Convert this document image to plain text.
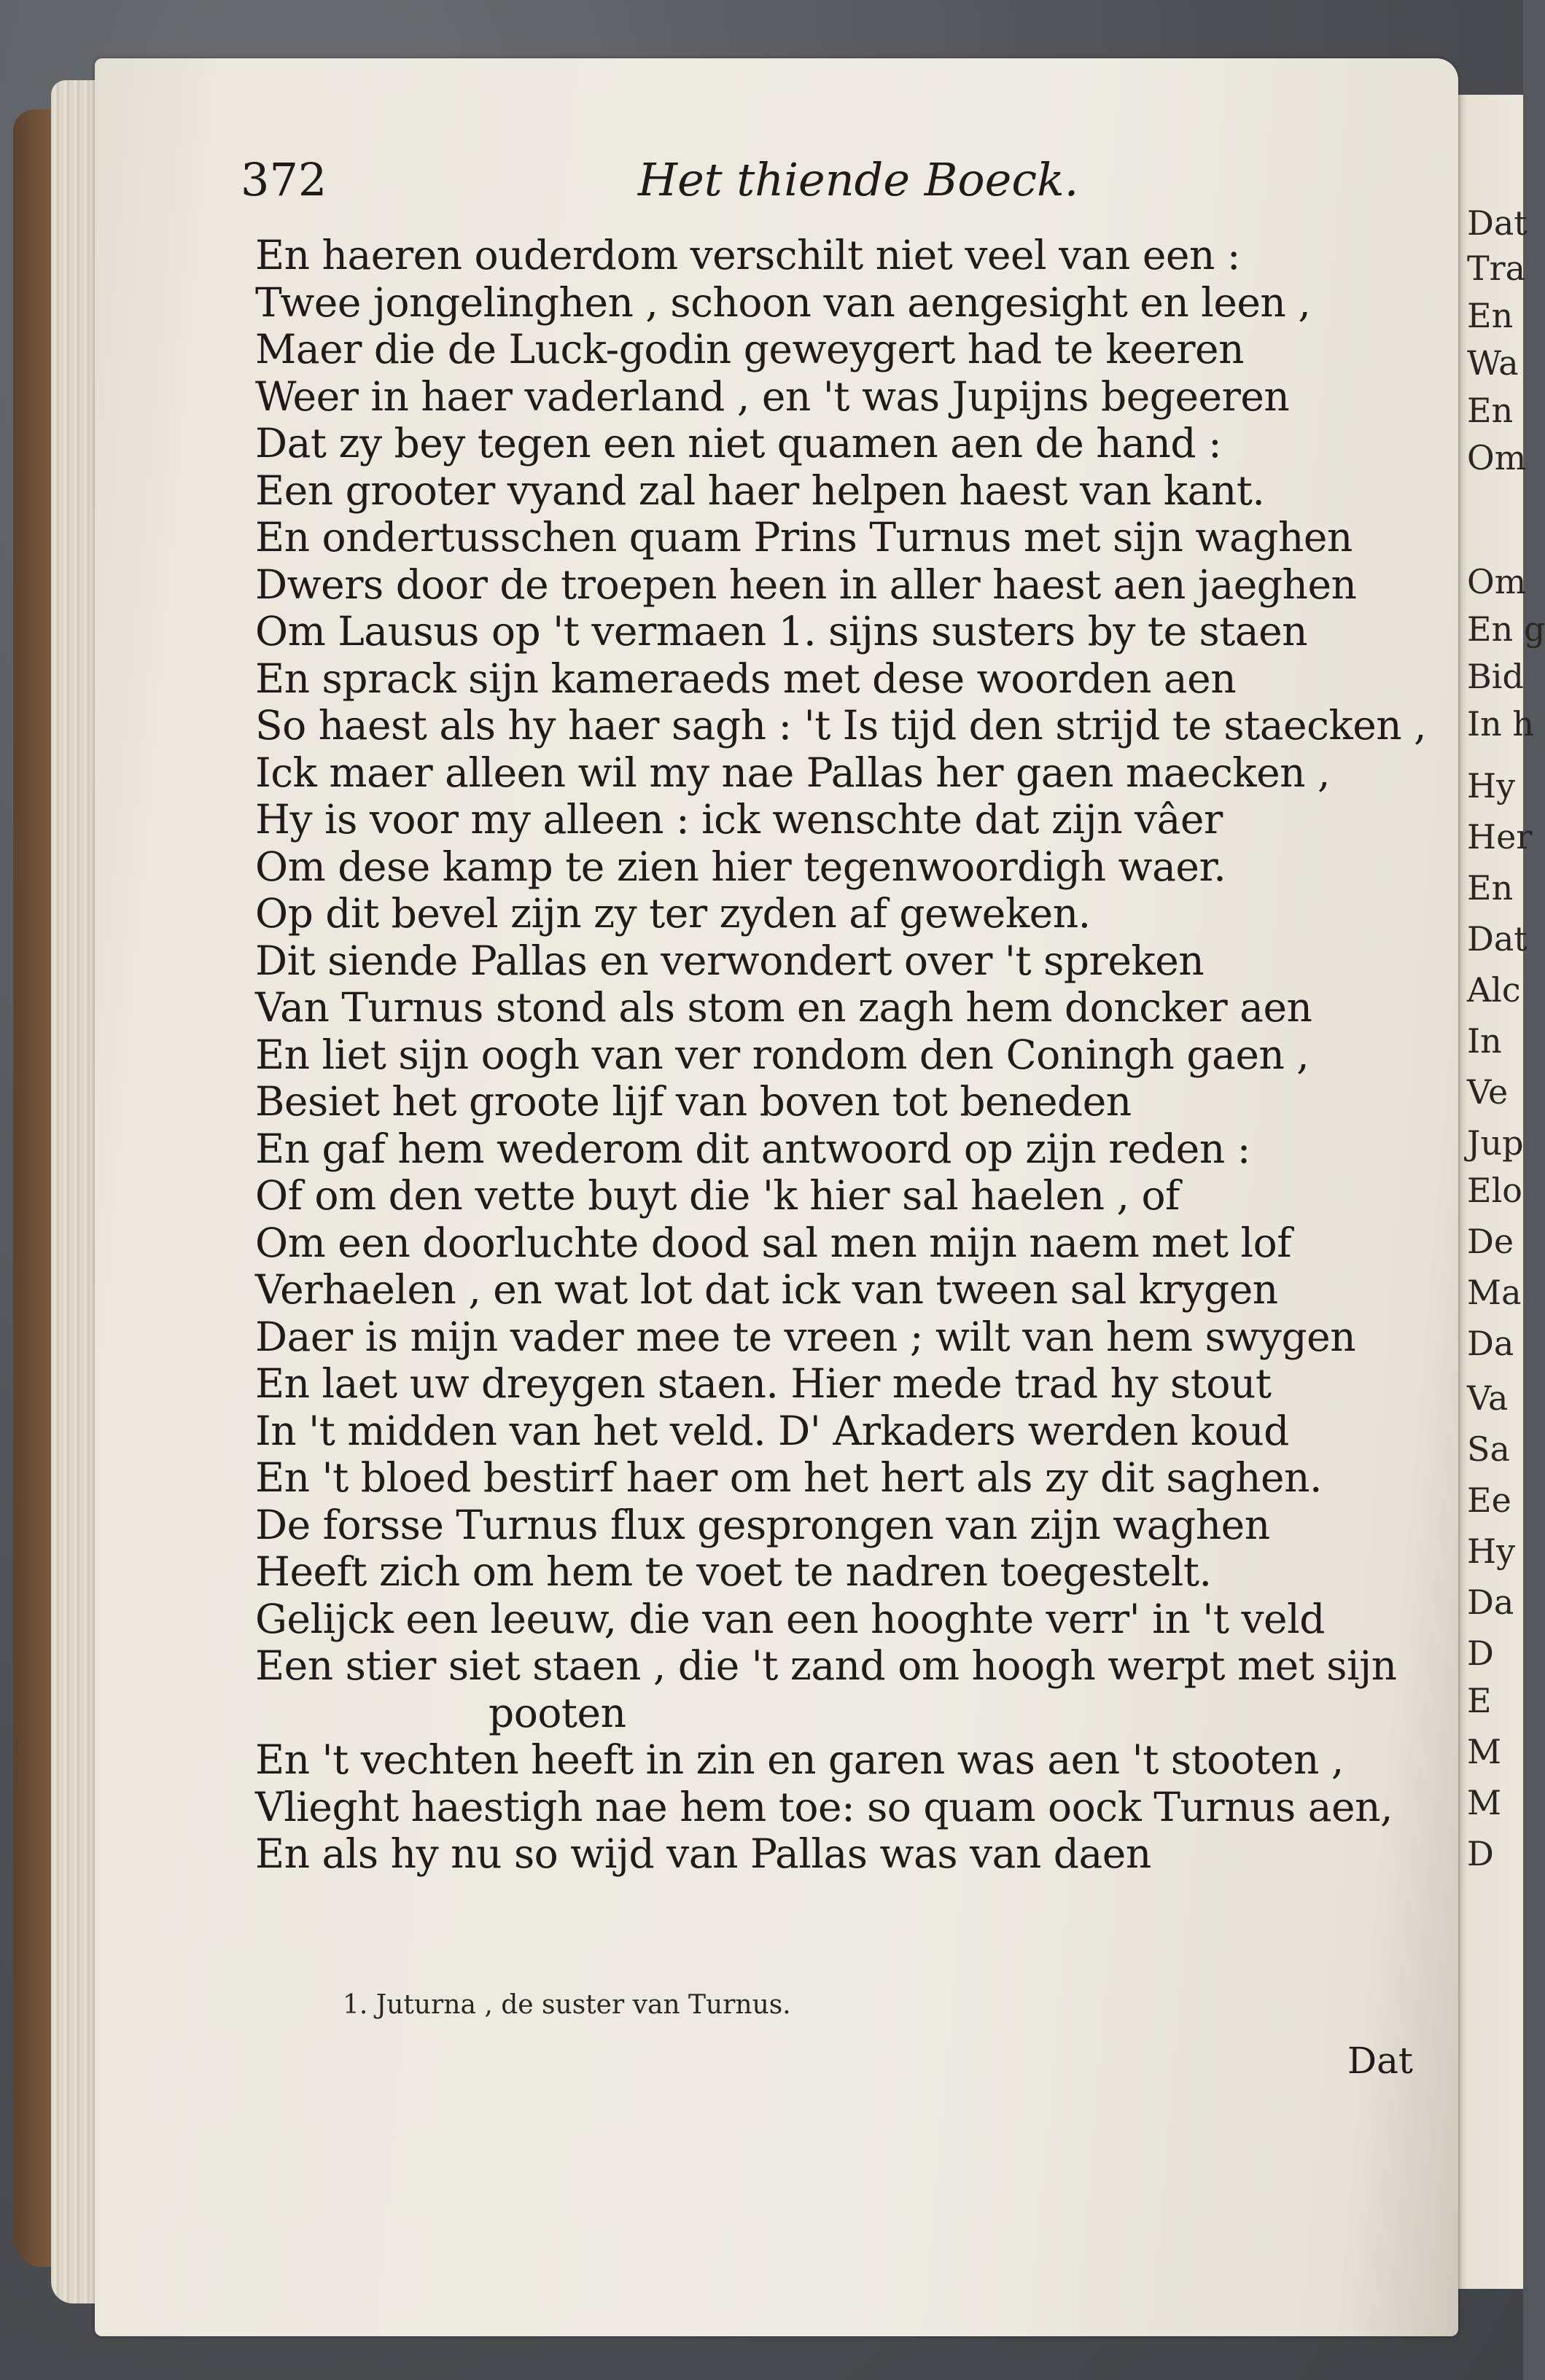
Dat
Tra
En
Wa
En
Om
Om
En g
Bid
In h
Hy
Her
En
Dat
Alc
In
Ve
Jup
Elo
De
Ma
Da
Va
Sa
Ee
Hy
Da
D
E
M
M
D
372	Het thiende Boeck.
En haeren ouderdom verschilt niet veel van een :
Twee jongelinghen , schoon van aengesight en leen ,
Maer die de Luck-godin geweygert had te keeren
Weer in haer vaderland , en 't was Jupijns begeeren
Dat zy bey tegen een niet quamen aen de hand :
Een grooter vyand zal haer helpen haest van kant.
En ondertusschen quam Prins Turnus met sijn waghen
Dwers door de troepen heen in aller haest aen jaeghen
Om Lausus op 't vermaen 1. sijns susters by te staen
En sprack sijn kameraeds met dese woorden aen
So haest als hy haer sagh : 't Is tijd den strijd te staecken ,
Ick maer alleen wil my nae Pallas her gaen maecken ,
Hy is voor my alleen : ick wenschte dat zijn vâer
Om dese kamp te zien hier tegenwoordigh waer.
Op dit bevel zijn zy ter zyden af geweken.
Dit siende Pallas en verwondert over 't spreken
Van Turnus stond als stom en zagh hem doncker aen
En liet sijn oogh van ver rondom den Coningh gaen ,
Besiet het groote lijf van boven tot beneden
En gaf hem wederom dit antwoord op zijn reden :
Of om den vette buyt die 'k hier sal haelen , of
Om een doorluchte dood sal men mijn naem met lof
Verhaelen , en wat lot dat ick van tween sal krygen
Daer is mijn vader mee te vreen ; wilt van hem swygen
En laet uw dreygen staen. Hier mede trad hy stout
In 't midden van het veld. D' Arkaders werden koud
En 't bloed bestirf haer om het hert als zy dit saghen.
De forsse Turnus flux gesprongen van zijn waghen
Heeft zich om hem te voet te nadren toegestelt.
Gelijck een leeuw, die van een hooghte verr' in 't veld
Een stier siet staen , die 't zand om hoogh werpt met sijn
pooten
En 't vechten heeft in zin en garen was aen 't stooten ,
Vlieght haestigh nae hem toe: so quam oock Turnus aen,
En als hy nu so wijd van Pallas was van daen
1. Juturna , de suster van Turnus.
Dat
